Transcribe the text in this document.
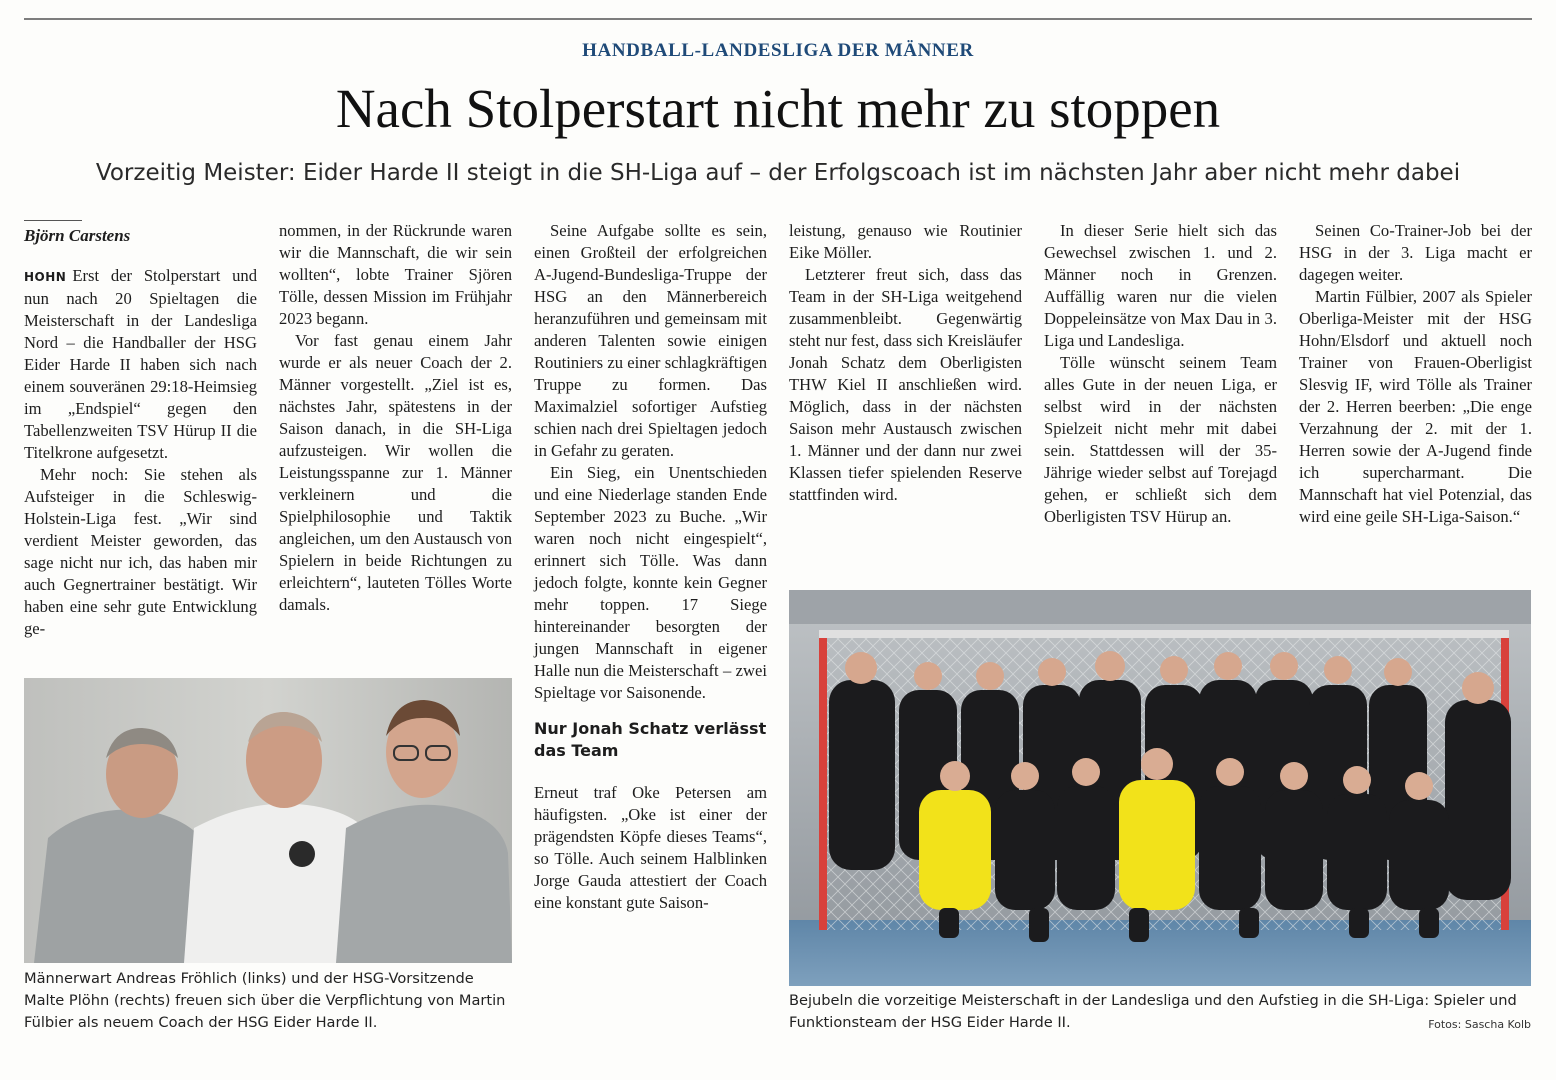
HANDBALL-LANDESLIGA DER MÄNNER
Nach Stolperstart nicht mehr zu stoppen
Vorzeitig Meister: Eider Harde II steigt in die SH-Liga auf – der Erfolgscoach ist im nächsten Jahr aber nicht mehr dabei
Björn Carstens

HOHN Erst der Stolperstart und nun nach 20 Spieltagen die Meisterschaft in der Landesliga Nord – die Handballer der HSG Eider Harde II haben sich nach einem souveränen 29:18-Heimsieg im „Endspiel“ gegen den Tabellenzweiten TSV Hürup II die Titelkrone aufgesetzt.

Mehr noch: Sie stehen als Aufsteiger in die Schleswig-Holstein-Liga fest. „Wir sind verdient Meister geworden, das sage nicht nur ich, das haben mir auch Gegnertrainer bestätigt. Wir haben eine sehr gute Entwicklung ge-

nommen, in der Rückrunde waren wir die Mannschaft, die wir sein wollten“, lobte Trainer Sjören Tölle, dessen Mission im Frühjahr 2023 begann.

Vor fast genau einem Jahr wurde er als neuer Coach der 2. Männer vorgestellt. „Ziel ist es, nächstes Jahr, spätestens in der Saison danach, in die SH-Liga aufzusteigen. Wir wollen die Leistungsspanne zur 1. Männer verkleinern und die Spielphilosophie und Taktik angleichen, um den Austausch von Spielern in beide Richtungen zu erleichtern“, lauteten Tölles Worte damals.

Seine Aufgabe sollte es sein, einen Großteil der erfolgreichen A-Jugend-Bundesliga-Truppe der HSG an den Männerbereich heranzuführen und gemeinsam mit anderen Talenten sowie einigen Routiniers zu einer schlagkräftigen Truppe zu formen. Das Maximalziel sofortiger Aufstieg schien nach drei Spieltagen jedoch in Gefahr zu geraten.

Ein Sieg, ein Unentschieden und eine Niederlage standen Ende September 2023 zu Buche. „Wir waren noch nicht eingespielt“, erinnert sich Tölle. Was dann jedoch folgte, konnte kein Gegner mehr toppen. 17 Siege hintereinander besorgten der jungen Mannschaft in eigener Halle nun die Meisterschaft – zwei Spieltage vor Saisonende.

Nur Jonah Schatz verlässt das Team

Erneut traf Oke Petersen am häufigsten. „Oke ist einer der prägendsten Köpfe dieses Teams“, so Tölle. Auch seinem Halblinken Jorge Gauda attestiert der Coach eine konstant gute Saison-

leistung, genauso wie Routinier Eike Möller.

Letzterer freut sich, dass das Team in der SH-Liga weitgehend zusammenbleibt. Gegenwärtig steht nur fest, dass sich Kreisläufer Jonah Schatz dem Oberligisten THW Kiel II anschließen wird. Möglich, dass in der nächsten Saison mehr Austausch zwischen 1. Männer und der dann nur zwei Klassen tiefer spielenden Reserve stattfinden wird.

In dieser Serie hielt sich das Gewechsel zwischen 1. und 2. Männer noch in Grenzen. Auffällig waren nur die vielen Doppeleinsätze von Max Dau in 3. Liga und Landesliga.

Tölle wünscht seinem Team alles Gute in der neuen Liga, er selbst wird in der nächsten Spielzeit nicht mehr mit dabei sein. Stattdessen will der 35-Jährige wieder selbst auf Torejagd gehen, er schließt sich dem Oberligisten TSV Hürup an.

Seinen Co-Trainer-Job bei der HSG in der 3. Liga macht er dagegen weiter.

Martin Fülbier, 2007 als Spieler Oberliga-Meister mit der HSG Hohn/Elsdorf und aktuell noch Trainer von Frauen-Oberligist Slesvig IF, wird Tölle als Trainer der 2. Herren beerben: „Die enge Verzahnung der 2. mit der 1. Herren sowie der A-Jugend finde ich supercharmant. Die Mannschaft hat viel Potenzial, das wird eine geile SH-Liga-Saison.“

Männerwart Andreas Fröhlich (links) und der HSG-Vorsitzende Malte Plöhn (rechts) freuen sich über die Verpflichtung von Martin Fülbier als neuem Coach der HSG Eider Harde II.
Bejubeln die vorzeitige Meisterschaft in der Landesliga und den Aufstieg in die SH-Liga: Spieler und Funktionsteam der HSG Eider Harde II.	Fotos: Sascha Kolb
